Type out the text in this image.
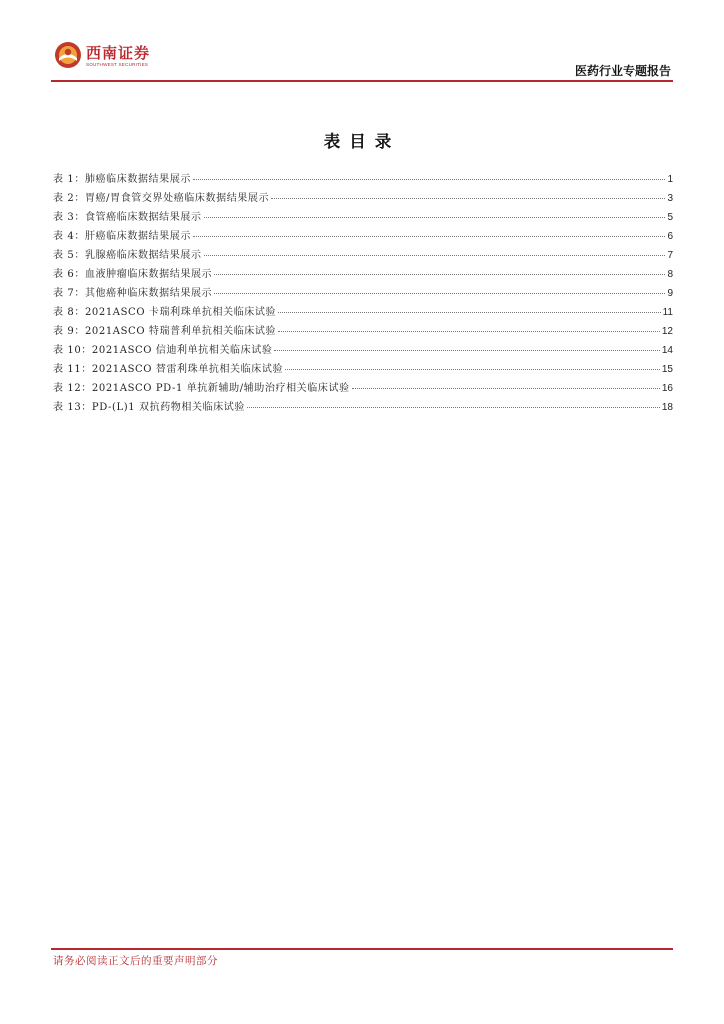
西南证券
SOUTHWEST SECURITIES	医药行业专题报告
表目录
表 1：肺癌临床数据结果展示	1
表 2：胃癌/胃食管交界处癌临床数据结果展示	3
表 3：食管癌临床数据结果展示	5
表 4：肝癌临床数据结果展示	6
表 5：乳腺癌临床数据结果展示	7
表 6：血液肿瘤临床数据结果展示	8
表 7：其他癌种临床数据结果展示	9
表 8：2021ASCO 卡瑞利珠单抗相关临床试验	11
表 9：2021ASCO 特瑞普利单抗相关临床试验	12
表 10：2021ASCO 信迪利单抗相关临床试验	14
表 11：2021ASCO 替雷利珠单抗相关临床试验	15
表 12：2021ASCO PD-1 单抗新辅助/辅助治疗相关临床试验	16
表 13：PD-(L)1 双抗药物相关临床试验	18
请务必阅读正文后的重要声明部分
